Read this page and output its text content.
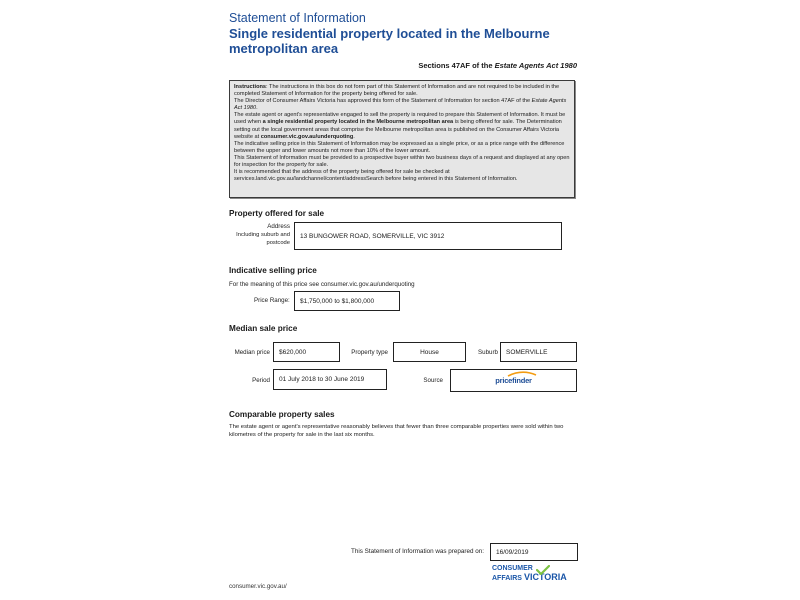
Statement of Information
Single residential property located in the Melbourne metropolitan area
Sections 47AF of the Estate Agents Act 1980

Instructions: The instructions in this box do not form part of this Statement of Information and are not required to be included in the completed Statement of Information for the property being offered for sale.

The Director of Consumer Affairs Victoria has approved this form of the Statement of Information for section 47AF of the Estate Agents Act 1980.

The estate agent or agent's representative engaged to sell the property is required to prepare this Statement of Information. It must be used when a single residential property located in the Melbourne metropolitan area is being offered for sale. The Determination setting out the local government areas that comprise the Melbourne metropolitan area is published on the Consumer Affairs Victoria website at consumer.vic.gov.au/underquoting.

The indicative selling price in this Statement of Information may be expressed as a single price, or as a price range with the difference between the upper and lower amounts not more than 10% of the lower amount.

This Statement of Information must be provided to a prospective buyer within two business days of a request and displayed at any open for inspection for the property for sale.

It is recommended that the address of the property being offered for sale be checked at services.land.vic.gov.au/landchannel/content/addressSearch before being entered in this Statement of Information.

Property offered for sale
Address
Including suburb and
postcode
13 BUNGOWER ROAD, SOMERVILLE, VIC 3912
Indicative selling price
For the meaning of this price see consumer.vic.gov.au/underquoting
Price Range:	$1,750,000 to $1,800,000
Median sale price
Median price	$620,000	Property type	House	Suburb	SOMERVILLE
Period	01 July 2018 to 30 June 2019	Source	pricefinder
Comparable property sales
The estate agent or agent's representative reasonably believes that fewer than three comparable properties were sold within two kilometres of the property for sale in the last six months.
This Statement of Information was prepared on:	16/09/2019
consumer.vic.gov.au/
CONSUMER
AFFAIRS VICTORIA
